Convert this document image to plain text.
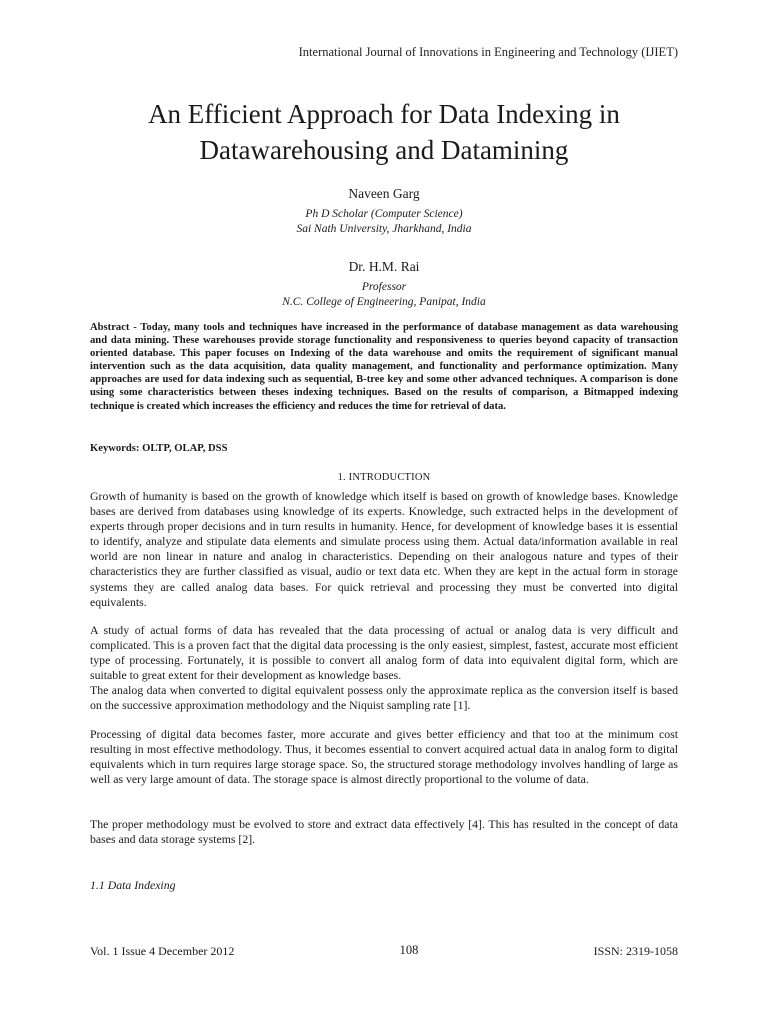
International Journal of Innovations in Engineering and Technology (IJIET)
An Efficient Approach for Data Indexing in
Datawarehousing and Datamining
Naveen Garg
Ph D Scholar (Computer Science)
Sai Nath University, Jharkhand, India
Dr. H.M. Rai
Professor
N.C. College of Engineering, Panipat, India

Abstract - Today, many tools and techniques have increased in the performance of database management as data warehousing and data mining. These warehouses provide storage functionality and responsiveness to queries beyond capacity of transaction oriented database. This paper focuses on Indexing of the data warehouse and omits the requirement of significant manual intervention such as the data acquisition, data quality management, and functionality and performance optimization. Many approaches are used for data indexing such as sequential, B-tree key and some other advanced techniques. A comparison is done using some characteristics between theses indexing techniques. Based on the results of comparison, a Bitmapped indexing technique is created which increases the efficiency and reduces the time for retrieval of data.

Keywords: OLTP, OLAP, DSS
1. INTRODUCTION

Growth of humanity is based on the growth of knowledge which itself is based on growth of knowledge bases. Knowledge bases are derived from databases using knowledge of its experts. Knowledge, such extracted helps in the development of experts through proper decisions and in turn results in humanity. Hence, for development of knowledge bases it is essential to identify, analyze and stipulate data elements and simulate process using them. Actual data/information available in real world are non linear in nature and analog in characteristics. Depending on their analogous nature and types of their characteristics they are further classified as visual, audio or text data etc. When they are kept in the actual form in storage systems they are called analog data bases. For quick retrieval and processing they must be converted into digital equivalents.

A study of actual forms of data has revealed that the data processing of actual or analog data is very difficult and complicated. This is a proven fact that the digital data processing is the only easiest, simplest, fastest, accurate most efficient type of processing. Fortunately, it is possible to convert all analog form of data into equivalent digital form, which are suitable to great extent for their development as knowledge bases.

The analog data when converted to digital equivalent possess only the approximate replica as the conversion itself is based on the successive approximation methodology and the Niquist sampling rate [1].

Processing of digital data becomes faster, more accurate and gives better efficiency and that too at the minimum cost resulting in most effective methodology. Thus, it becomes essential to convert acquired actual data in analog form to digital equivalents which in turn requires large storage space. So, the structured storage methodology involves handling of large as well as very large amount of data. The storage space is almost directly proportional to the volume of data.

The proper methodology must be evolved to store and extract data effectively [4]. This has resulted in the concept of data bases and data storage systems [2].

1.1 Data Indexing
Vol. 1 Issue 4 December 2012	108	ISSN: 2319-1058
